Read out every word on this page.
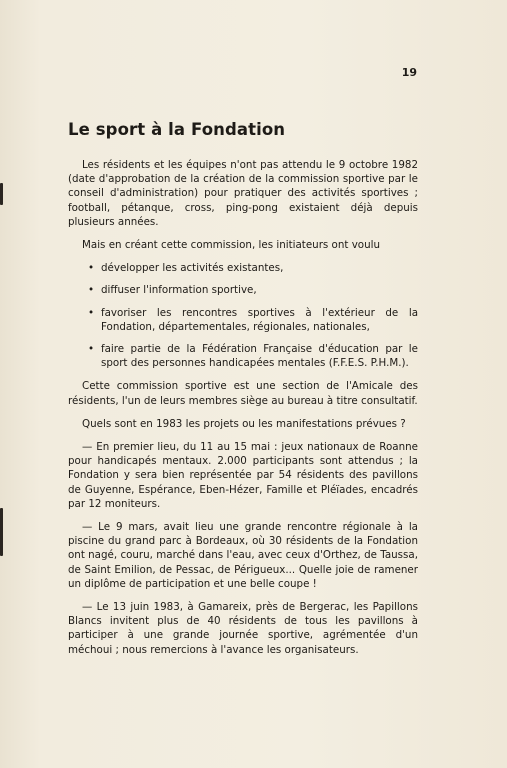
19
Le sport à la Fondation

Les résidents et les équipes n'ont pas attendu le 9 octobre 1982 (date d'approbation de la création de la commission sportive par le conseil d'administration) pour pratiquer des activités sportives ; football, pétanque, cross, ping-pong existaient déjà depuis plusieurs années.

Mais en créant cette commission, les initiateurs ont voulu

• développer les activités existantes,
• diffuser l'information sportive,
• favoriser les rencontres sportives à l'extérieur de la Fondation, départementales, régionales, nationales,
• faire partie de la Fédération Française d'éducation par le sport des personnes handicapées mentales (F.F.E.S. P.H.M.).

Cette commission sportive est une section de l'Amicale des résidents, l'un de leurs membres siège au bureau à titre consultatif.

Quels sont en 1983 les projets ou les manifestations prévues ?

— En premier lieu, du 11 au 15 mai : jeux nationaux de Roanne pour handicapés mentaux. 2.000 participants sont attendus ; la Fondation y sera bien représentée par 54 résidents des pavillons de Guyenne, Espérance, Eben-Hézer, Famille et Pléïades, encadrés par 12 moniteurs.

— Le 9 mars, avait lieu une grande rencontre régionale à la piscine du grand parc à Bordeaux, où 30 résidents de la Fondation ont nagé, couru, marché dans l'eau, avec ceux d'Orthez, de Taussa, de Saint Emilion, de Pessac, de Périgueux... Quelle joie de ramener un diplôme de participation et une belle coupe !

— Le 13 juin 1983, à Gamareix, près de Bergerac, les Papillons Blancs invitent plus de 40 résidents de tous les pavillons à participer à une grande journée sportive, agrémentée d'un méchoui ; nous remercions à l'avance les organisateurs.
